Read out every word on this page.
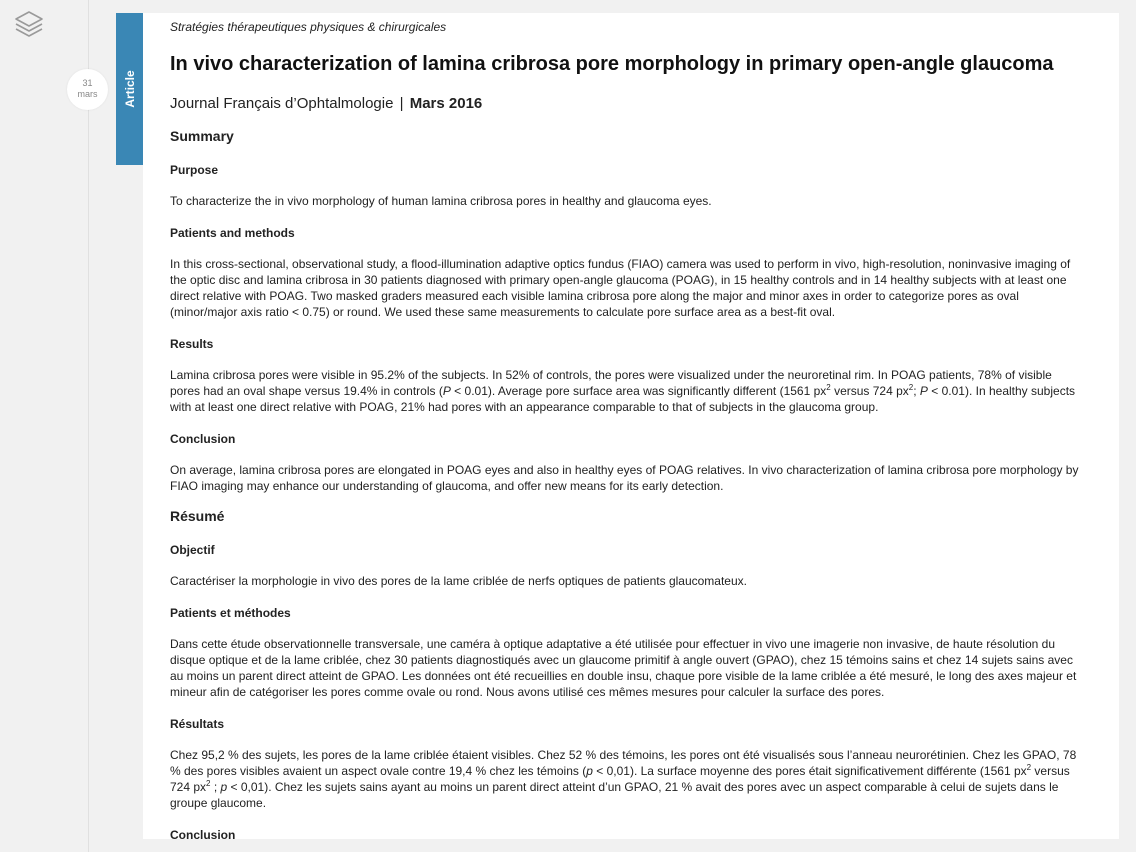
31
mars	Article
Stratégies thérapeutiques physiques & chirurgicales
In vivo characterization of lamina cribrosa pore morphology in primary open-angle glaucoma
Journal Français d’Ophtalmologie | Mars 2016
Summary
Purpose

To characterize the in vivo morphology of human lamina cribrosa pores in healthy and glaucoma eyes.

Patients and methods

In this cross-sectional, observational study, a flood-illumination adaptive optics fundus (FIAO) camera was used to perform in vivo, high-resolution, noninvasive imaging of the optic disc and lamina cribrosa in 30 patients diagnosed with primary open-angle glaucoma (POAG), in 15 healthy controls and in 14 healthy subjects with at least one direct relative with POAG. Two masked graders measured each visible lamina cribrosa pore along the major and minor axes in order to categorize pores as oval (minor/major axis ratio < 0.75) or round. We used these same measurements to calculate pore surface area as a best-fit oval.

Results

Lamina cribrosa pores were visible in 95.2% of the subjects. In 52% of controls, the pores were visualized under the neuroretinal rim. In POAG patients, 78% of visible pores had an oval shape versus 19.4% in controls (P < 0.01). Average pore surface area was significantly different (1561 $px^2$ versus 724 $px^2$; P < 0.01). In healthy subjects with at least one direct relative with POAG, 21% had pores with an appearance comparable to that of subjects in the glaucoma group.

Conclusion

On average, lamina cribrosa pores are elongated in POAG eyes and also in healthy eyes of POAG relatives. In vivo characterization of lamina cribrosa pore morphology by FIAO imaging may enhance our understanding of glaucoma, and offer new means for its early detection.

Résumé
Objectif

Caractériser la morphologie in vivo des pores de la lame criblée de nerfs optiques de patients glaucomateux.

Patients et méthodes

Dans cette étude observationnelle transversale, une caméra à optique adaptative a été utilisée pour effectuer in vivo une imagerie non invasive, de haute résolution du disque optique et de la lame criblée, chez 30 patients diagnostiqués avec un glaucome primitif à angle ouvert (GPAO), chez 15 témoins sains et chez 14 sujets sains avec au moins un parent direct atteint de GPAO. Les données ont été recueillies en double insu, chaque pore visible de la lame criblée a été mesuré, le long des axes majeur et mineur afin de catégoriser les pores comme ovale ou rond. Nous avons utilisé ces mêmes mesures pour calculer la surface des pores.

Résultats

Chez 95,2 % des sujets, les pores de la lame criblée étaient visibles. Chez 52 % des témoins, les pores ont été visualisés sous l’anneau neurorétinien. Chez les GPAO, 78 % des pores visibles avaient un aspect ovale contre 19,4 % chez les témoins (p < 0,01). La surface moyenne des pores était significativement différente (1561 $px^2$ versus 724 $px^2$ ; p < 0,01). Chez les sujets sains ayant au moins un parent direct atteint d’un GPAO, 21 % avait des pores avec un aspect comparable à celui de sujets dans le groupe glaucome.

Conclusion
